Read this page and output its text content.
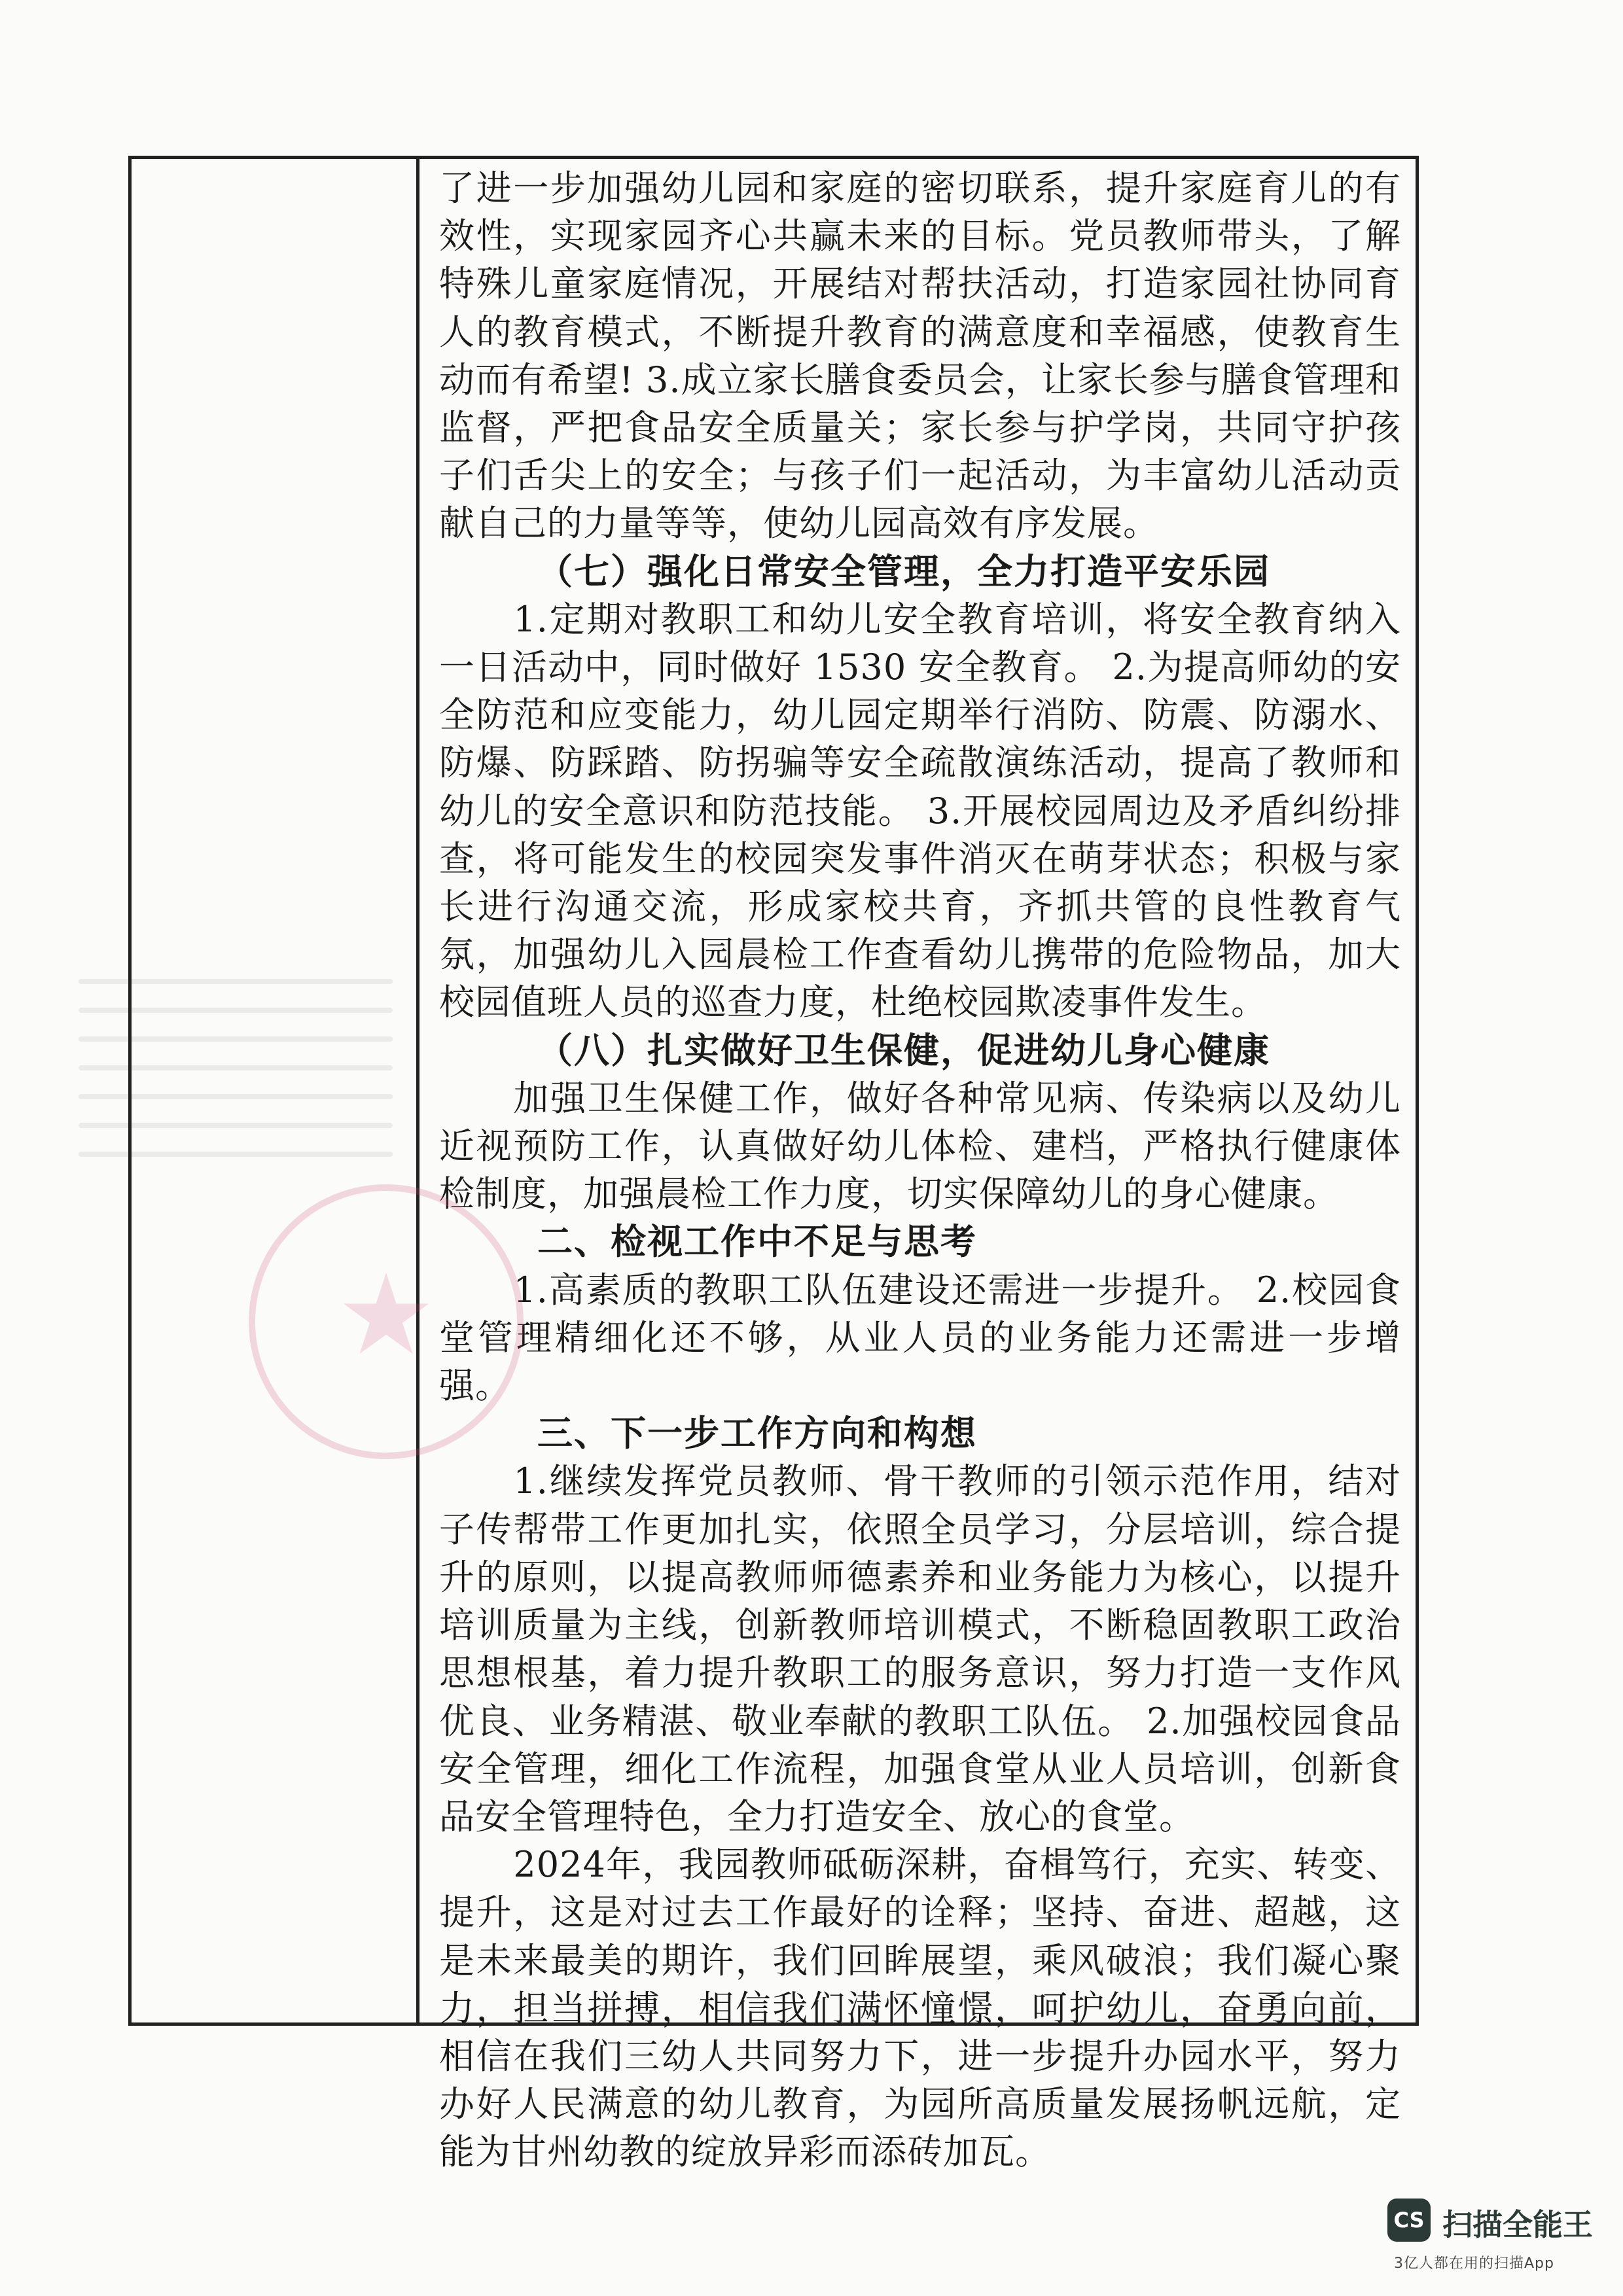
了进一步加强幼儿园和家庭的密切联系，提升家庭育儿的有效性，实现家园齐心共赢未来的目标。党员教师带头，了解特殊儿童家庭情况，开展结对帮扶活动，打造家园社协同育人的教育模式，不断提升教育的满意度和幸福感，使教育生动而有希望! 3.成立家长膳食委员会，让家长参与膳食管理和监督，严把食品安全质量关；家长参与护学岗，共同守护孩子们舌尖上的安全；与孩子们一起活动，为丰富幼儿活动贡献自己的力量等等，使幼儿园高效有序发展。

（七）强化日常安全管理，全力打造平安乐园

1.定期对教职工和幼儿安全教育培训，将安全教育纳入一日活动中，同时做好 1530 安全教育。 2.为提高师幼的安全防范和应变能力，幼儿园定期举行消防、防震、防溺水、防爆、防踩踏、防拐骗等安全疏散演练活动，提高了教师和幼儿的安全意识和防范技能。 3.开展校园周边及矛盾纠纷排查，将可能发生的校园突发事件消灭在萌芽状态；积极与家长进行沟通交流，形成家校共育，齐抓共管的良性教育气氛，加强幼儿入园晨检工作查看幼儿携带的危险物品，加大校园值班人员的巡查力度，杜绝校园欺凌事件发生。

（八）扎实做好卫生保健，促进幼儿身心健康

加强卫生保健工作，做好各种常见病、传染病以及幼儿近视预防工作，认真做好幼儿体检、建档，严格执行健康体检制度，加强晨检工作力度，切实保障幼儿的身心健康。

二、检视工作中不足与思考

1.高素质的教职工队伍建设还需进一步提升。 2.校园食堂管理精细化还不够，从业人员的业务能力还需进一步增强。

三、下一步工作方向和构想

1.继续发挥党员教师、骨干教师的引领示范作用，结对子传帮带工作更加扎实，依照全员学习，分层培训，综合提升的原则，以提高教师师德素养和业务能力为核心，以提升培训质量为主线，创新教师培训模式，不断稳固教职工政治思想根基，着力提升教职工的服务意识，努力打造一支作风优良、业务精湛、敬业奉献的教职工队伍。 2.加强校园食品安全管理，细化工作流程，加强食堂从业人员培训，创新食品安全管理特色，全力打造安全、放心的食堂。

2024年，我园教师砥砺深耕，奋楫笃行，充实、转变、提升，这是对过去工作最好的诠释；坚持、奋进、超越，这是未来最美的期许，我们回眸展望，乘风破浪；我们凝心聚力，担当拼搏，相信我们满怀憧憬，呵护幼儿，奋勇向前，相信在我们三幼人共同努力下，进一步提升办园水平，努力办好人民满意的幼儿教育，为园所高质量发展扬帆远航，定能为甘州幼教的绽放异彩而添砖加瓦。

★
CS 扫描全能王
3亿人都在用的扫描App
